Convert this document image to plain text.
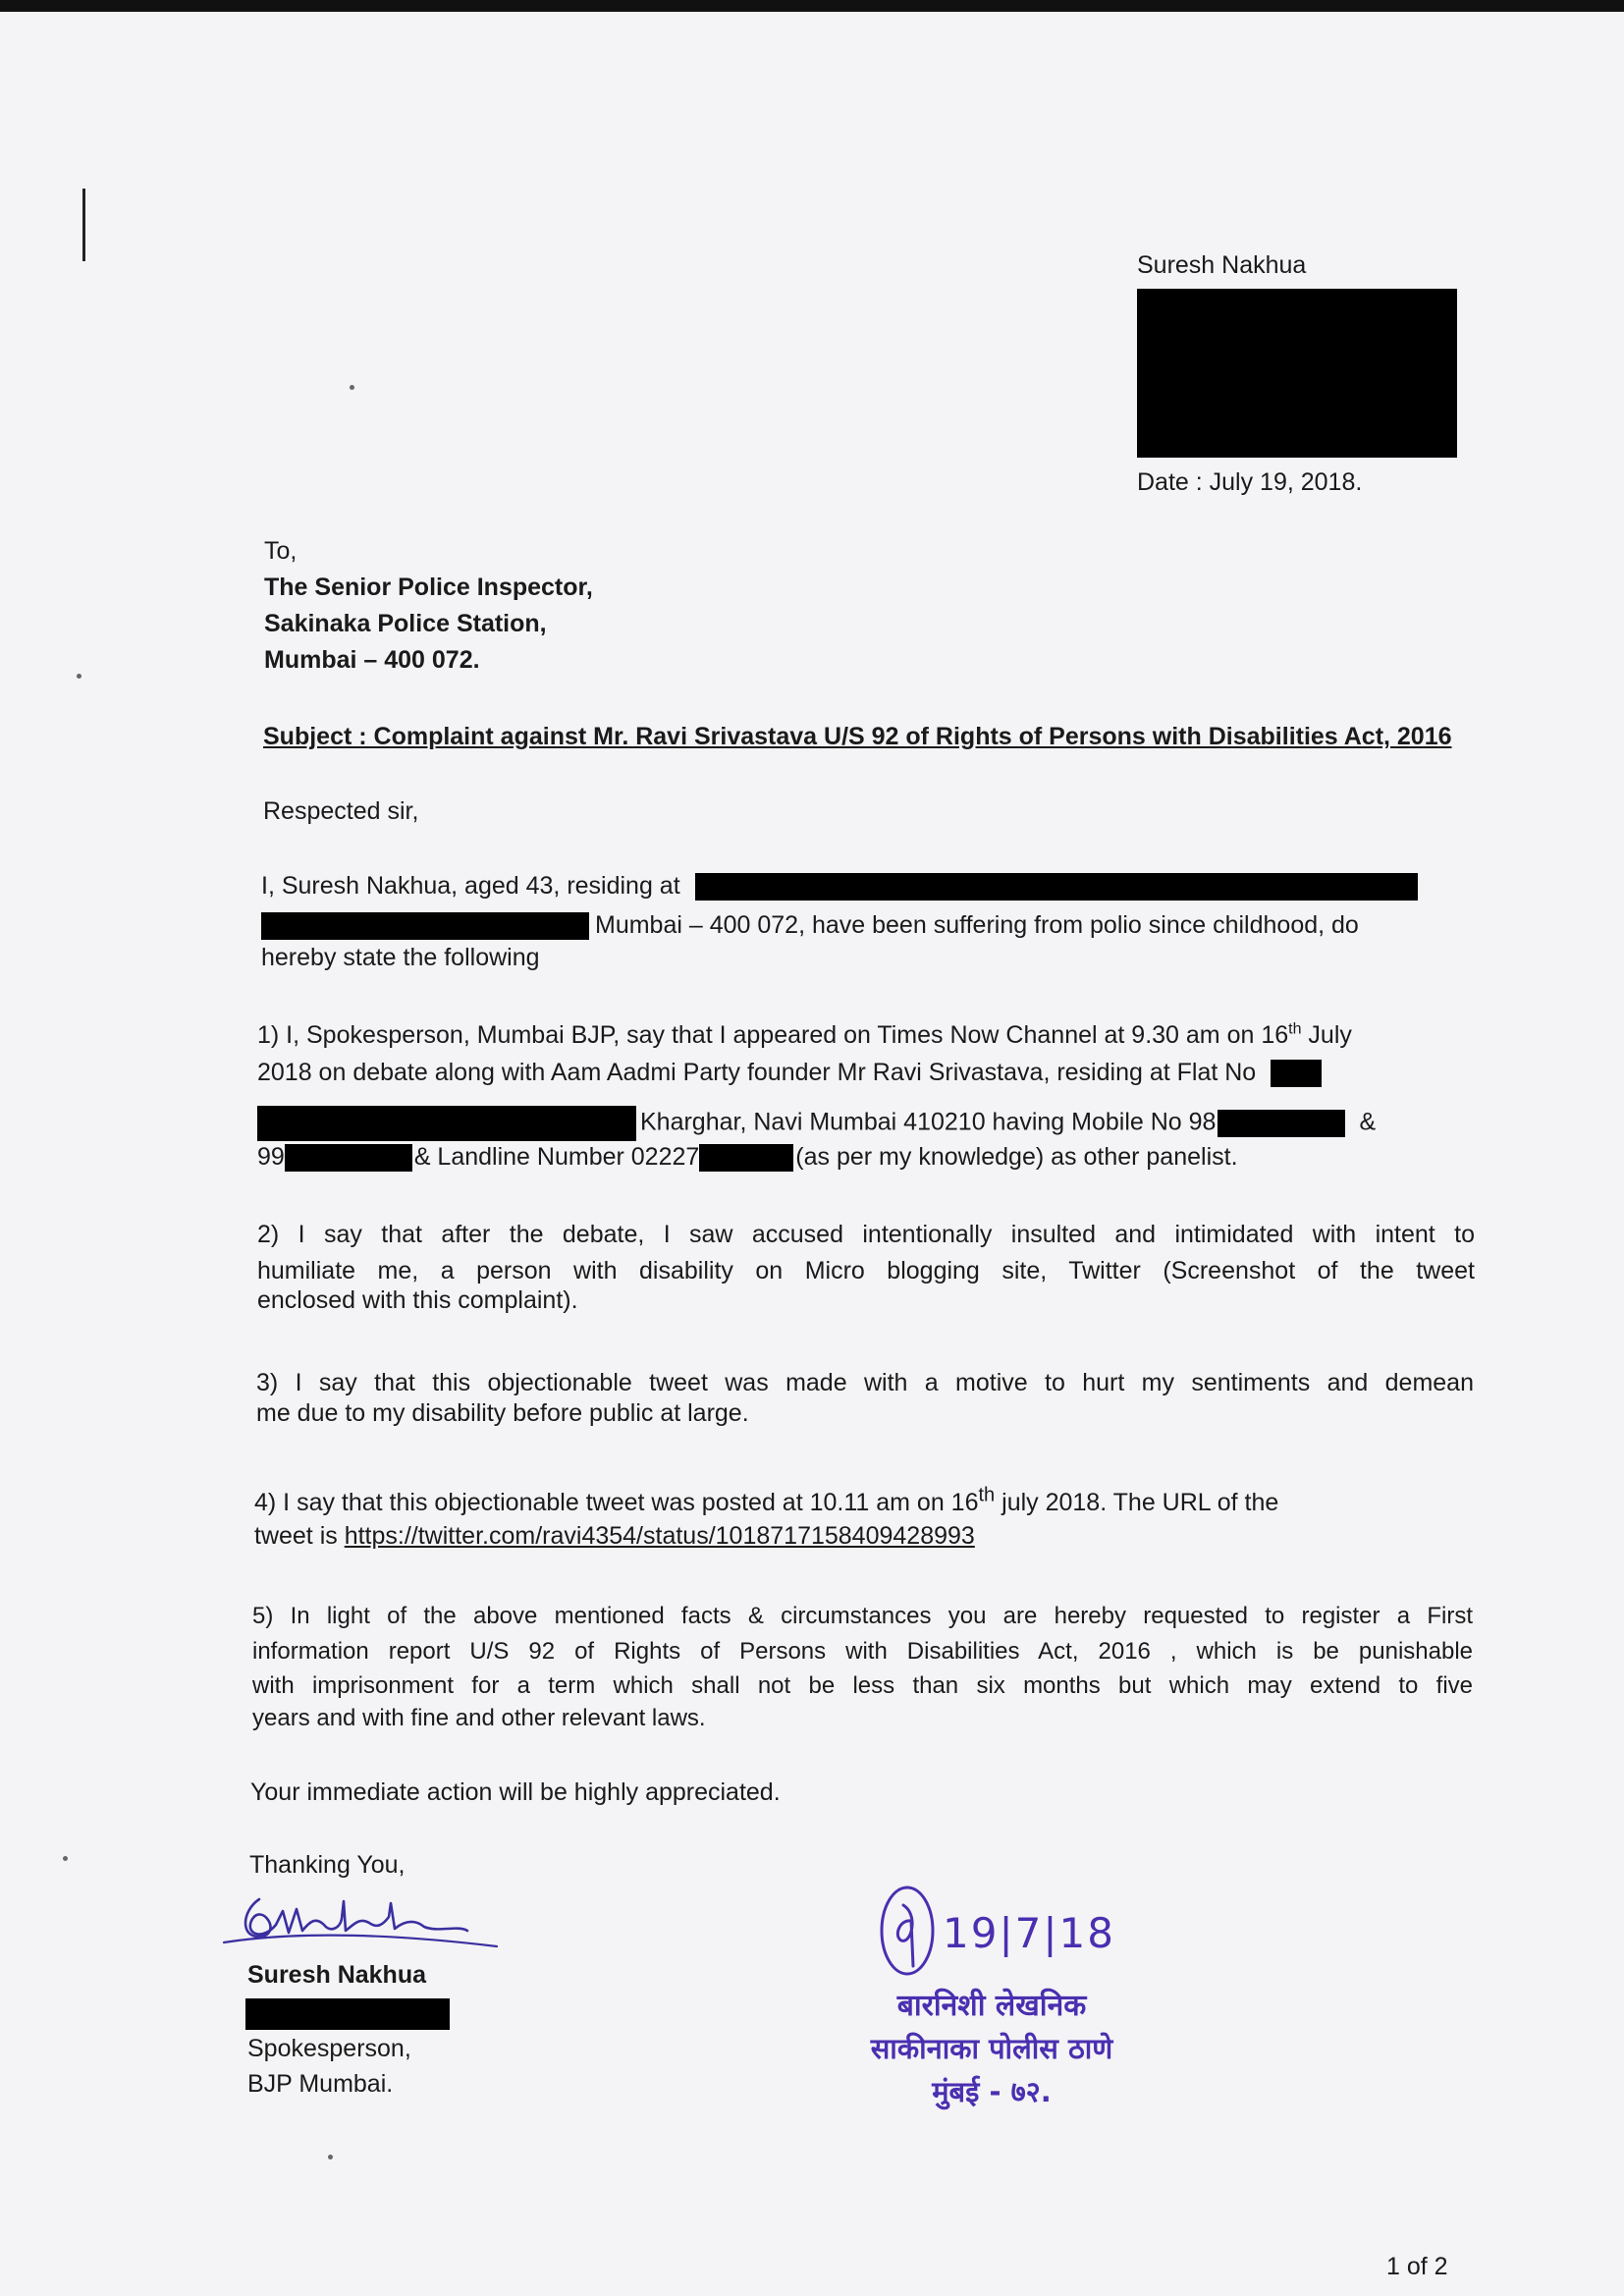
Suresh Nakhua

Date : July 19, 2018.

To,

The Senior Police Inspector,

Sakinaka Police Station,

Mumbai – 400 072.

Subject : Complaint against Mr. Ravi Srivastava U/S 92 of Rights of Persons with Disabilities Act, 2016

Respected sir,

I, Suresh Nakhua, aged 43, residing at

Mumbai – 400 072, have been suffering from polio since childhood, do

hereby state the following

1) I, Spokesperson, Mumbai BJP, say that I appeared on Times Now Channel at 9.30 am on 16th July

2018 on debate along with Aam Aadmi Party founder Mr Ravi Srivastava, residing at Flat No

Kharghar, Navi Mumbai 410210 having Mobile No 98	&

99	& Landline Number 02227	(as per my knowledge) as other panelist.

2) I say that after the debate, I saw accused intentionally insulted and intimidated with intent to

humiliate me, a person with disability on Micro blogging site, Twitter (Screenshot of the tweet

enclosed with this complaint).

3) I say that this objectionable tweet was made with a motive to hurt my sentiments and demean

me due to my disability before public at large.

4) I say that this objectionable tweet was posted at 10.11 am on 16th july 2018. The URL of the

tweet is https://twitter.com/ravi4354/status/1018717158409428993

5) In light of the above mentioned facts & circumstances you are hereby requested to register a First

information report U/S 92 of Rights of Persons with Disabilities Act, 2016 , which is be punishable

with imprisonment for a term which shall not be less than six months but which may extend to five

years and with fine and other relevant laws.

Your immediate action will be highly appreciated.

Thanking You,

Suresh Nakhua

Spokesperson,

BJP Mumbai.

19|7|18
बारनिशी लेखनिक
साकीनाका पोलीस ठाणे
मुंबई - ७२.

1 of 2
